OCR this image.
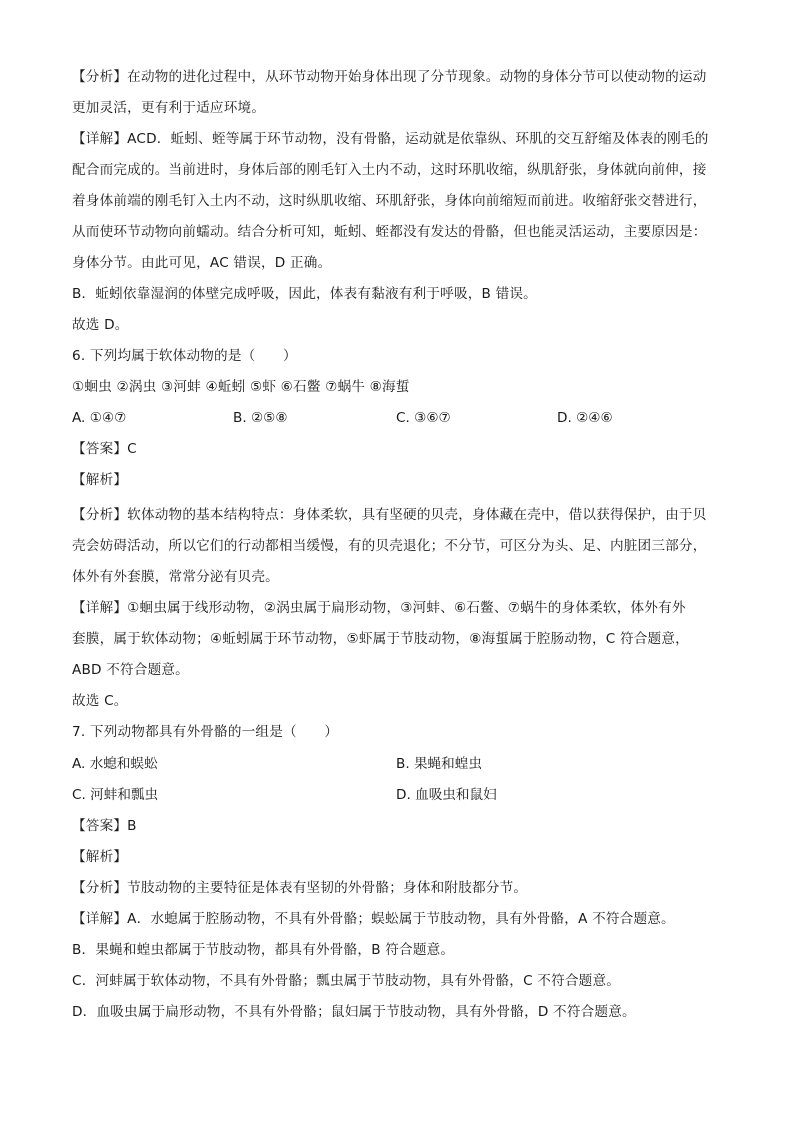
【分析】在动物的进化过程中，从环节动物开始身体出现了分节现象。动物的身体分节可以使动物的运动
更加灵活，更有利于适应环境。
【详解】ACD．蚯蚓、蛭等属于环节动物，没有骨骼，运动就是依靠纵、环肌的交互舒缩及体表的刚毛的
配合而完成的。当前进时，身体后部的刚毛钉入土内不动，这时环肌收缩，纵肌舒张，身体就向前伸，接
着身体前端的刚毛钉入土内不动，这时纵肌收缩、环肌舒张，身体向前缩短而前进。收缩舒张交替进行，
从而使环节动物向前蠕动。结合分析可知，蚯蚓、蛭都没有发达的骨骼，但也能灵活运动，主要原因是：
身体分节。由此可见，AC 错误，D 正确。
B．蚯蚓依靠湿润的体壁完成呼吸，因此，体表有黏液有利于呼吸，B 错误。
故选 D。
6. 下列均属于软体动物的是（　　）
①蛔虫 ②涡虫 ③河蚌 ④蚯蚓 ⑤虾 ⑥石鳖 ⑦蜗牛 ⑧海蜇
A. ①④⑦	B. ②⑤⑧	C. ③⑥⑦	D. ②④⑥
【答案】C
【解析】
【分析】软体动物的基本结构特点：身体柔软，具有坚硬的贝壳，身体藏在壳中，借以获得保护，由于贝
壳会妨碍活动，所以它们的行动都相当缓慢，有的贝壳退化；不分节，可区分为头、足、内脏团三部分，
体外有外套膜，常常分泌有贝壳。
【详解】①蛔虫属于线形动物，②涡虫属于扁形动物，③河蚌、⑥石鳖、⑦蜗牛的身体柔软，体外有外
套膜，属于软体动物；④蚯蚓属于环节动物，⑤虾属于节肢动物，⑧海蜇属于腔肠动物，C 符合题意，
ABD 不符合题意。
故选 C。
7. 下列动物都具有外骨骼的一组是（　　）
A. 水螅和蜈蚣	B. 果蝇和蝗虫
C. 河蚌和瓢虫	D. 血吸虫和鼠妇
【答案】B
【解析】
【分析】节肢动物的主要特征是体表有坚韧的外骨骼；身体和附肢都分节。
【详解】A．水螅属于腔肠动物，不具有外骨骼；蜈蚣属于节肢动物，具有外骨骼，A 不符合题意。
B．果蝇和蝗虫都属于节肢动物，都具有外骨骼，B 符合题意。
C．河蚌属于软体动物，不具有外骨骼；瓢虫属于节肢动物，具有外骨骼，C 不符合题意。
D．血吸虫属于扁形动物，不具有外骨骼；鼠妇属于节肢动物，具有外骨骼，D 不符合题意。
